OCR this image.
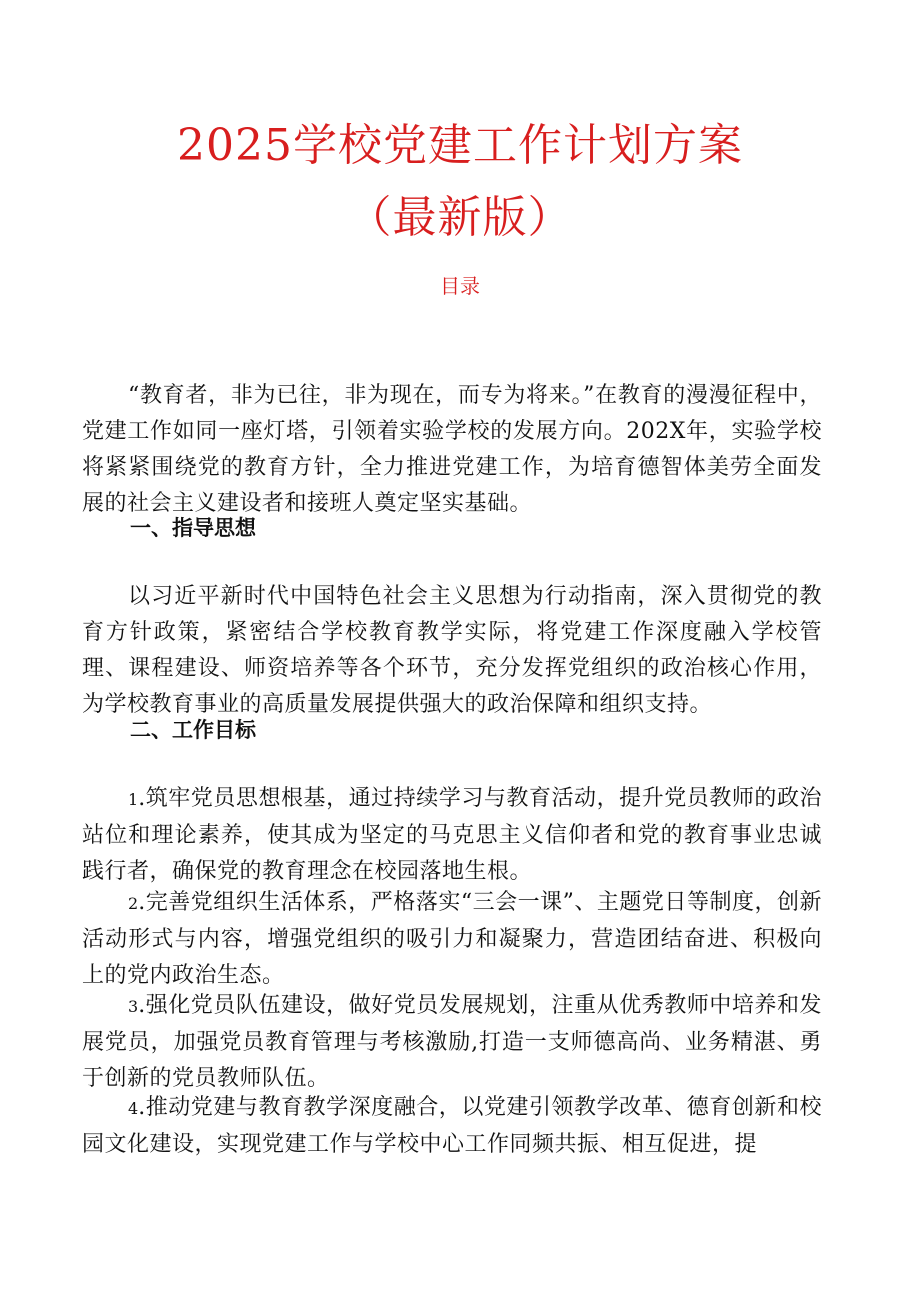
2025学校党建工作计划方案
（最新版）
目录
“教育者，非为已往，非为现在，而专为将来。”在教育的漫漫征程中，党建工作如同一座灯塔，引领着实验学校的发展方向。202X年，实验学校将紧紧围绕党的教育方针，全力推进党建工作，为培育德智体美劳全面发展的社会主义建设者和接班人奠定坚实基础。
一、指导思想
以习近平新时代中国特色社会主义思想为行动指南，深入贯彻党的教育方针政策，紧密结合学校教育教学实际，将党建工作深度融入学校管理、课程建设、师资培养等各个环节，充分发挥党组织的政治核心作用，为学校教育事业的高质量发展提供强大的政治保障和组织支持。
二、工作目标
1.筑牢党员思想根基，通过持续学习与教育活动，提升党员教师的政治站位和理论素养，使其成为坚定的马克思主义信仰者和党的教育事业忠诚践行者，确保党的教育理念在校园落地生根。
2.完善党组织生活体系，严格落实“三会一课”、主题党日等制度，创新活动形式与内容，增强党组织的吸引力和凝聚力，营造团结奋进、积极向上的党内政治生态。
3.强化党员队伍建设，做好党员发展规划，注重从优秀教师中培养和发展党员，加强党员教育管理与考核激励,打造一支师德高尚、业务精湛、勇于创新的党员教师队伍。
4.推动党建与教育教学深度融合，以党建引领教学改革、德育创新和校园文化建设，实现党建工作与学校中心工作同频共振、相互促进，提
